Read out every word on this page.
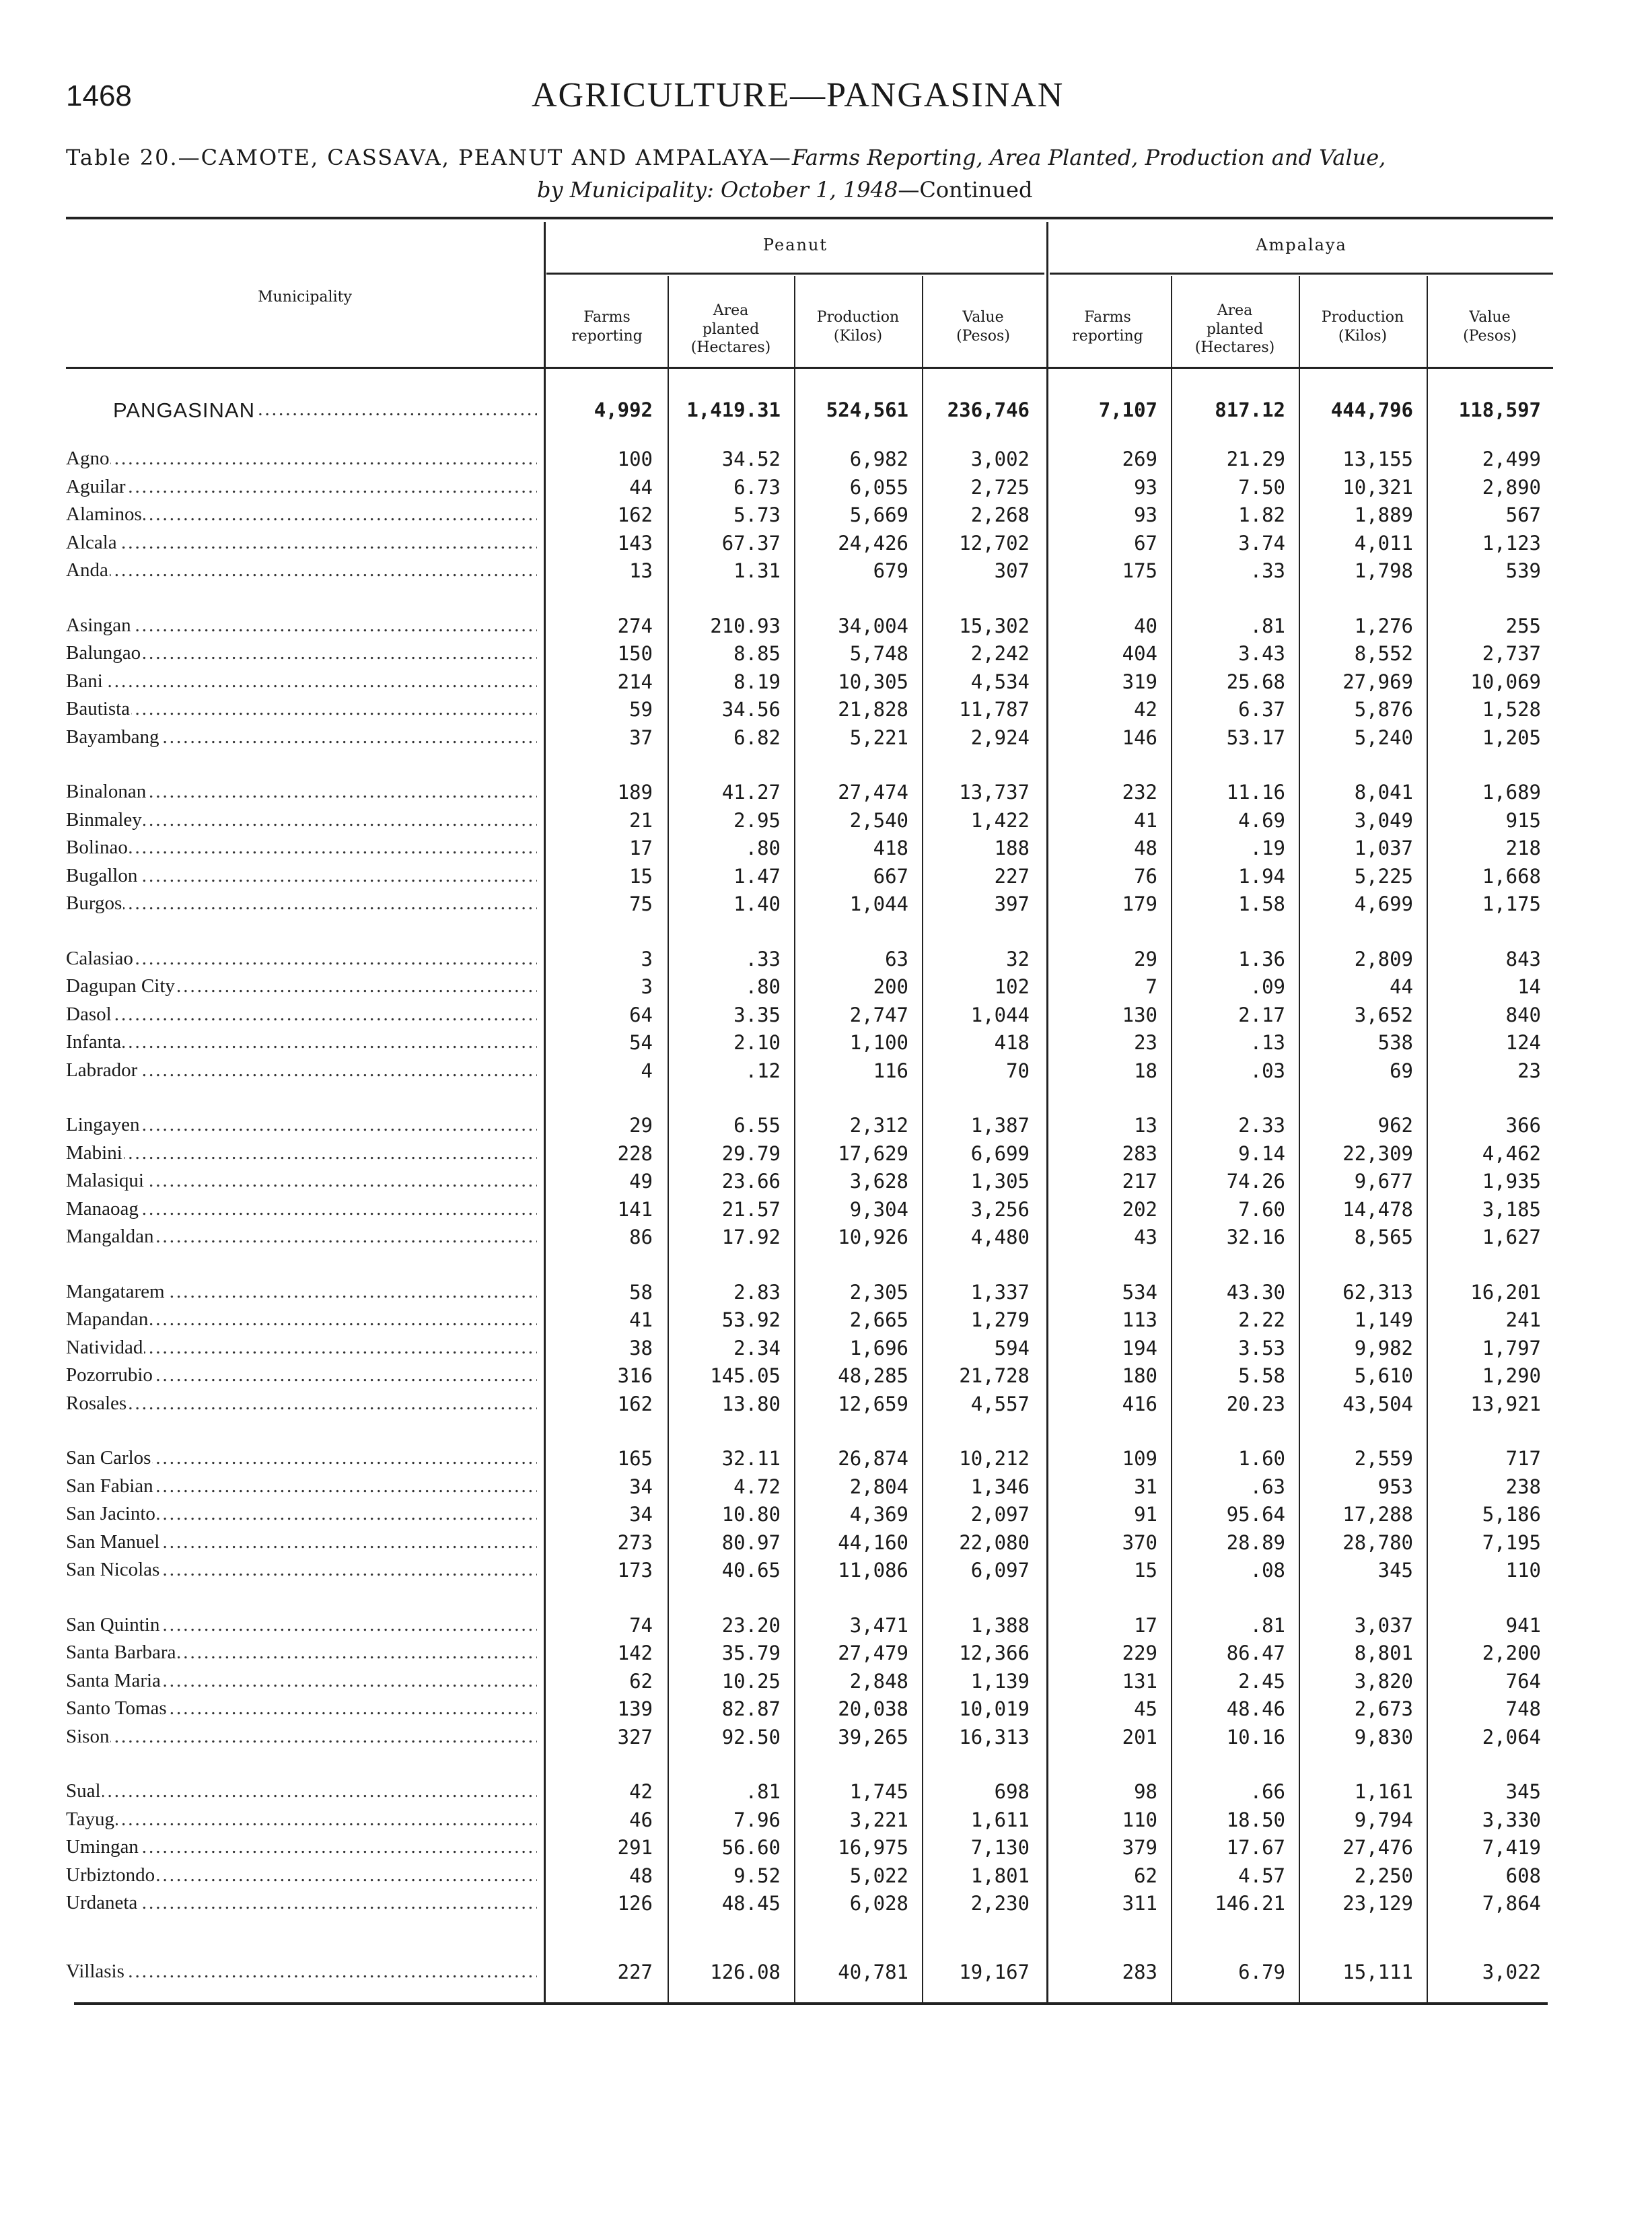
1468	AGRICULTURE—PANGASINAN
Table 20.—CAMOTE, CASSAVA, PEANUT AND AMPALAYA—Farms Reporting, Area Planted, Production and Value,
by Municipality: October 1, 1948—Continued
Peanut	Ampalaya
Municipality
Farms
reporting
Area
planted
(Hectares)
Production
(Kilos)
Value
(Pesos)
Farms
reporting
Area
planted
(Hectares)
Production
(Kilos)
Value
(Pesos)
PANGASINAN .....	4,992	1,419.31	524,561	236,746	7,107	817.12	444,796	118,597
Agno .....	100	34.52	6,982	3,002	269	21.29	13,155	2,499
Aguilar .....	44	6.73	6,055	2,725	93	7.50	10,321	2,890
Alaminos .....	162	5.73	5,669	2,268	93	1.82	1,889	567
Alcala .....	143	67.37	24,426	12,702	67	3.74	4,011	1,123
Anda .....	13	1.31	679	307	175	.33	1,798	539
Asingan .....	274	210.93	34,004	15,302	40	.81	1,276	255
Balungao .....	150	8.85	5,748	2,242	404	3.43	8,552	2,737
Bani .....	214	8.19	10,305	4,534	319	25.68	27,969	10,069
Bautista .....	59	34.56	21,828	11,787	42	6.37	5,876	1,528
Bayambang .....	37	6.82	5,221	2,924	146	53.17	5,240	1,205
Binalonan .....	189	41.27	27,474	13,737	232	11.16	8,041	1,689
Binmaley .....	21	2.95	2,540	1,422	41	4.69	3,049	915
Bolinao .....	17	.80	418	188	48	.19	1,037	218
Bugallon .....	15	1.47	667	227	76	1.94	5,225	1,668
Burgos .....	75	1.40	1,044	397	179	1.58	4,699	1,175
Calasiao .....	3	.33	63	32	29	1.36	2,809	843
Dagupan City .....	3	.80	200	102	7	.09	44	14
Dasol .....	64	3.35	2,747	1,044	130	2.17	3,652	840
Infanta .....	54	2.10	1,100	418	23	.13	538	124
Labrador .....	4	.12	116	70	18	.03	69	23
Lingayen .....	29	6.55	2,312	1,387	13	2.33	962	366
Mabini .....	228	29.79	17,629	6,699	283	9.14	22,309	4,462
Malasiqui .....	49	23.66	3,628	1,305	217	74.26	9,677	1,935
Manaoag .....	141	21.57	9,304	3,256	202	7.60	14,478	3,185
Mangaldan .....	86	17.92	10,926	4,480	43	32.16	8,565	1,627
Mangatarem .....	58	2.83	2,305	1,337	534	43.30	62,313	16,201
Mapandan .....	41	53.92	2,665	1,279	113	2.22	1,149	241
Natividad .....	38	2.34	1,696	594	194	3.53	9,982	1,797
Pozorrubio .....	316	145.05	48,285	21,728	180	5.58	5,610	1,290
Rosales .....	162	13.80	12,659	4,557	416	20.23	43,504	13,921
San Carlos .....	165	32.11	26,874	10,212	109	1.60	2,559	717
San Fabian .....	34	4.72	2,804	1,346	31	.63	953	238
San Jacinto .....	34	10.80	4,369	2,097	91	95.64	17,288	5,186
San Manuel .....	273	80.97	44,160	22,080	370	28.89	28,780	7,195
San Nicolas .....	173	40.65	11,086	6,097	15	.08	345	110
San Quintin .....	74	23.20	3,471	1,388	17	.81	3,037	941
Santa Barbara .....	142	35.79	27,479	12,366	229	86.47	8,801	2,200
Santa Maria .....	62	10.25	2,848	1,139	131	2.45	3,820	764
Santo Tomas .....	139	82.87	20,038	10,019	45	48.46	2,673	748
Sison .....	327	92.50	39,265	16,313	201	10.16	9,830	2,064
Sual .....	42	.81	1,745	698	98	.66	1,161	345
Tayug .....	46	7.96	3,221	1,611	110	18.50	9,794	3,330
Umingan .....	291	56.60	16,975	7,130	379	17.67	27,476	7,419
Urbiztondo .....	48	9.52	5,022	1,801	62	4.57	2,250	608
Urdaneta .....	126	48.45	6,028	2,230	311	146.21	23,129	7,864
Villasis .....	227	126.08	40,781	19,167	283	6.79	15,111	3,022
